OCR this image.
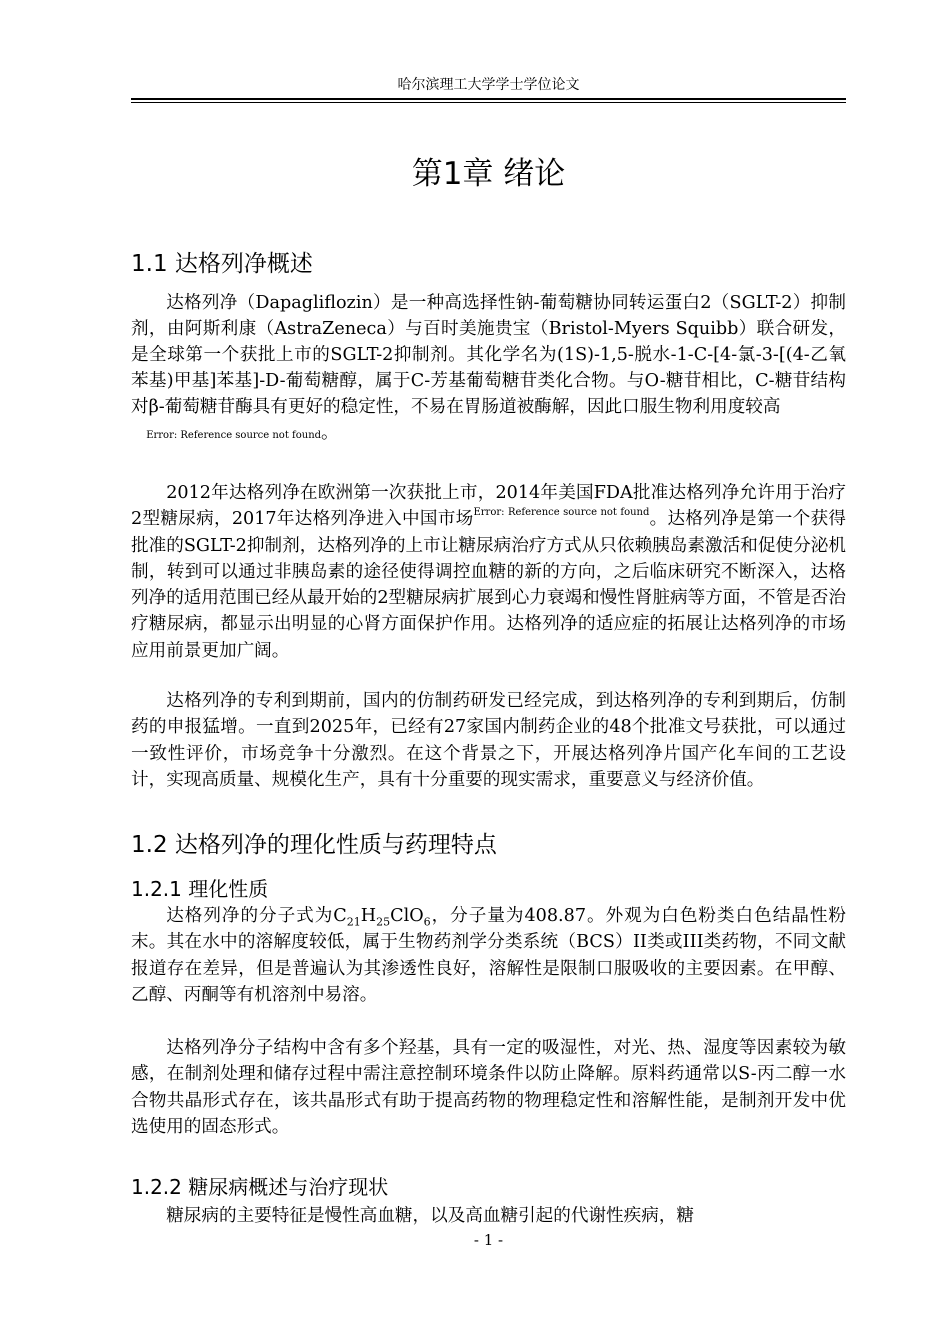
哈尔滨理工大学学士学位论文
第1章 绪论
1.1 达格列净概述
达格列净（Dapagliflozin）是一种高选择性钠-葡萄糖协同转运蛋白2（SGLT-2）抑制剂，由阿斯利康（AstraZeneca）与百时美施贵宝（Bristol-Myers Squibb）联合研发，是全球第一个获批上市的SGLT-2抑制剂。其化学名为(1S)-1,5-脱水-1-C-[4-氯-3-[(4-乙氧苯基)甲基]苯基]-D-葡萄糖醇，属于C-芳基葡萄糖苷类化合物。与O-糖苷相比，C-糖苷结构对β-葡萄糖苷酶具有更好的稳定性，不易在胃肠道被酶解，因此口服生物利用度较高
Error: Reference source not found。
2012年达格列净在欧洲第一次获批上市，2014年美国FDA批准达格列净允许用于治疗2型糖尿病，2017年达格列净进入中国市场$^{Error: Reference source not found}$。达格列净是第一个获得批准的SGLT-2抑制剂，达格列净的上市让糖尿病治疗方式从只依赖胰岛素激活和促使分泌机制，转到可以通过非胰岛素的途径使得调控血糖的新的方向，之后临床研究不断深入，达格列净的适用范围已经从最开始的2型糖尿病扩展到心力衰竭和慢性肾脏病等方面，不管是否治疗糖尿病，都显示出明显的心肾方面保护作用。达格列净的适应症的拓展让达格列净的市场应用前景更加广阔。
达格列净的专利到期前，国内的仿制药研发已经完成，到达格列净的专利到期后，仿制药的申报猛增。一直到2025年，已经有27家国内制药企业的48个批准文号获批，可以通过一致性评价，市场竞争十分激烈。在这个背景之下，开展达格列净片国产化车间的工艺设计，实现高质量、规模化生产，具有十分重要的现实需求，重要意义与经济价值。
1.2 达格列净的理化性质与药理特点
1.2.1 理化性质
达格列净的分子式为$C_{21}H_{25}ClO_6$，分子量为408.87。外观为白色粉类白色结晶性粉末。其在水中的溶解度较低，属于生物药剂学分类系统（BCS）II类或III类药物，不同文献报道存在差异，但是普遍认为其渗透性良好，溶解性是限制口服吸收的主要因素。在甲醇、乙醇、丙酮等有机溶剂中易溶。
达格列净分子结构中含有多个羟基，具有一定的吸湿性，对光、热、湿度等因素较为敏感，在制剂处理和储存过程中需注意控制环境条件以防止降解。原料药通常以S-丙二醇一水合物共晶形式存在，该共晶形式有助于提高药物的物理稳定性和溶解性能，是制剂开发中优选使用的固态形式。
1.2.2 糖尿病概述与治疗现状
糖尿病的主要特征是慢性高血糖，以及高血糖引起的代谢性疾病，糖
- 1 -
